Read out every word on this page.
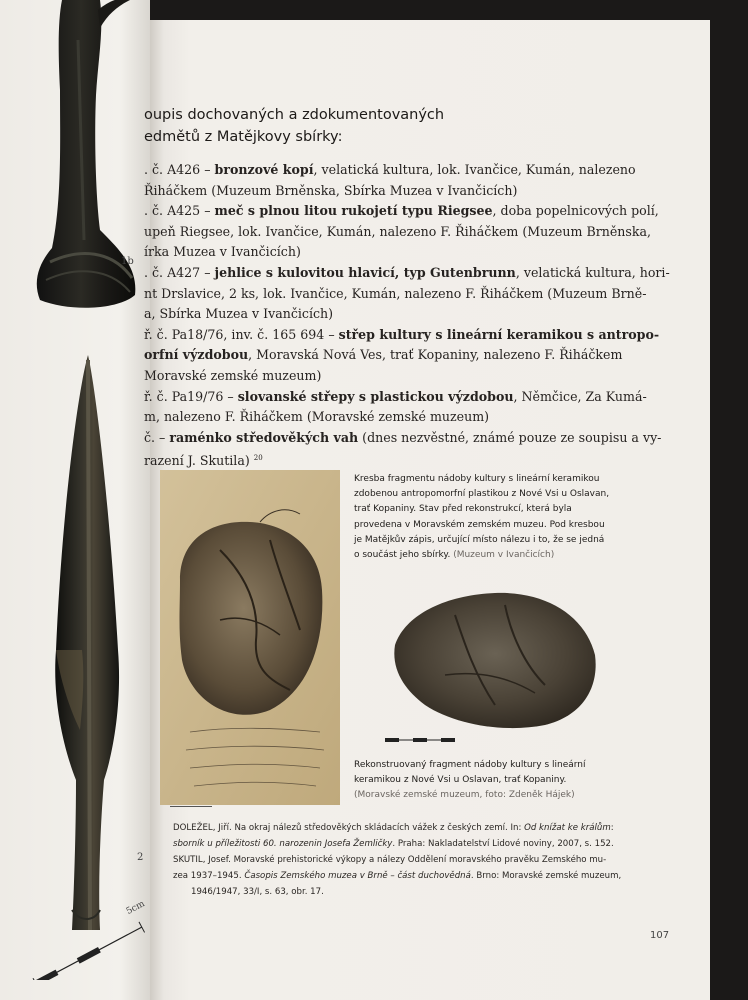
1b
2
5cm
oupis dochovaných a zdokumentovaných
edmětů z Matějkovy sbírky:
. č. A426 – bronzové kopí, velatická kultura, lok. Ivančice, Kumán, nalezeno
Řiháčkem (Muzeum Brněnska, Sbírka Muzea v Ivančicích)
. č. A425 – meč s plnou litou rukojetí typu Riegsee, doba popelnicových polí,
upeň Riegsee, lok. Ivančice, Kumán, nalezeno F. Řiháčkem (Muzeum Brněnska,
írka Muzea v Ivančicích)
. č. A427 – jehlice s kulovitou hlavicí, typ Gutenbrunn, velatická kultura, hori-
nt Drslavice, 2 ks, lok. Ivančice, Kumán, nalezeno F. Řiháčkem (Muzeum Brně-
a, Sbírka Muzea v Ivančicích)
ř. č. Pa18/76, inv. č. 165 694 – střep kultury s lineární keramikou s antropo-
orfní výzdobou, Moravská Nová Ves, trať Kopaniny, nalezeno F. Řiháčkem
Moravské zemské muzeum)
ř. č. Pa19/76 – slovanské střepy s plastickou výzdobou, Němčice, Za Kumá-
m, nalezeno F. Řiháčkem (Moravské zemské muzeum)
č. – raménko středověkých vah (dnes nezvěstné, známé pouze ze soupisu a vy-
razení J. Skutila) $^{20}$
Kresba fragmentu nádoby kultury s lineární keramikou
zdobenou antropomorfní plastikou z Nové Vsi u Oslavan,
trať Kopaniny. Stav před rekonstrukcí, která byla
provedena v Moravském zemském muzeu. Pod kresbou
je Matějkův zápis, určující místo nálezu i to, že se jedná
o součást jeho sbírky. (Muzeum v Ivančicích)
Rekonstruovaný fragment nádoby kultury s lineární
keramikou z Nové Vsi u Oslavan, trať Kopaniny.
(Moravské zemské muzeum, foto: Zdeněk Hájek)
DOLEŽEL, Jiří. Na okraj nálezů středověkých skládacích vážek z českých zemí. In: Od knížat ke králům:
sborník u příležitosti 60. narozenin Josefa Žemličky. Praha: Nakladatelství Lidové noviny, 2007, s. 152.
SKUTIL, Josef. Moravské prehistorické výkopy a nálezy Oddělení moravského pravěku Zemského mu-
zea 1937–1945. Časopis Zemského muzea v Brně – část duchovědná. Brno: Moravské zemské muzeum,
1946/1947, 33/I, s. 63, obr. 17.
107
